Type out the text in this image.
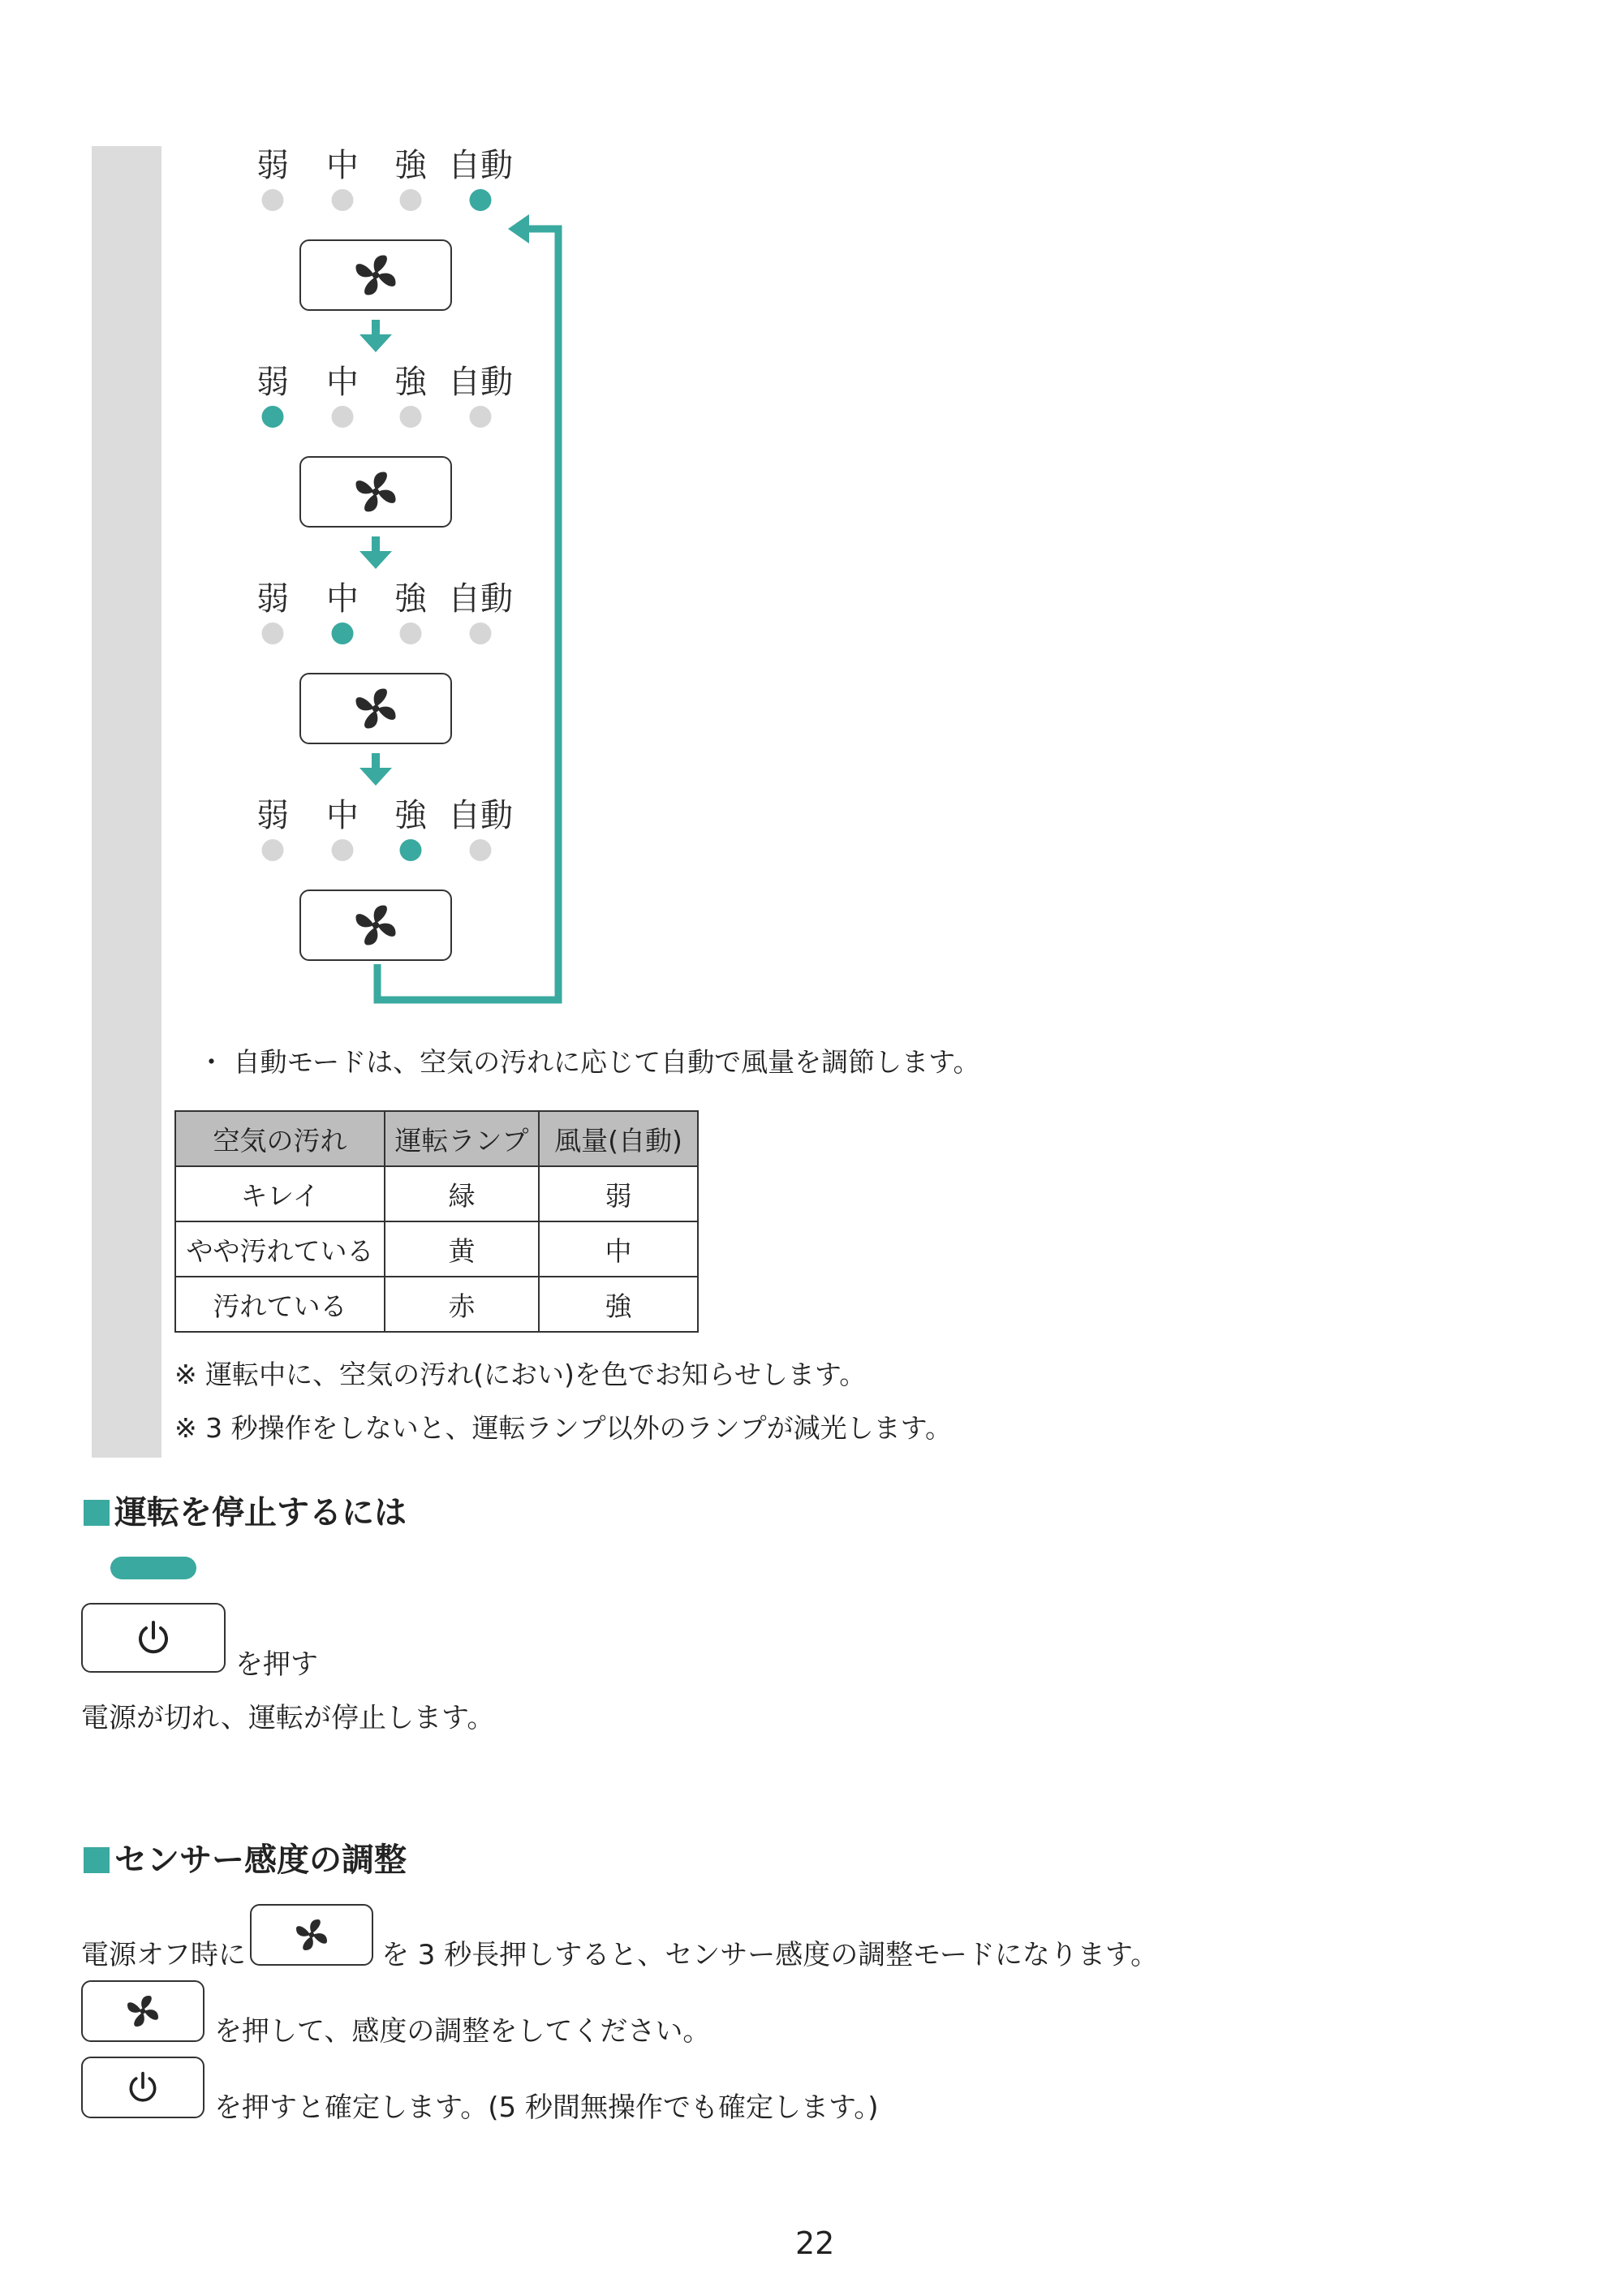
弱 中 強 自動
弱 中 強 自動
弱 中 強 自動
弱 中 強 自動
・ 自動モードは、空気の汚れに応じて自動で風量を調節します。
空気の汚れ	運転ランプ	風量(自動)
キレイ	緑	弱
やや汚れている	黄	中
汚れている	赤	強
※ 運転中に、空気の汚れ(におい)を色でお知らせします。
※ 3 秒操作をしないと、運転ランプ以外のランプが減光します。
運転を停止するには
を押す
電源が切れ、運転が停止します。
センサー感度の調整
電源オフ時に	を 3 秒長押しすると、センサー感度の調整モードになります。
を押して、感度の調整をしてください。
を押すと確定します。(5 秒間無操作でも確定します。)
22
